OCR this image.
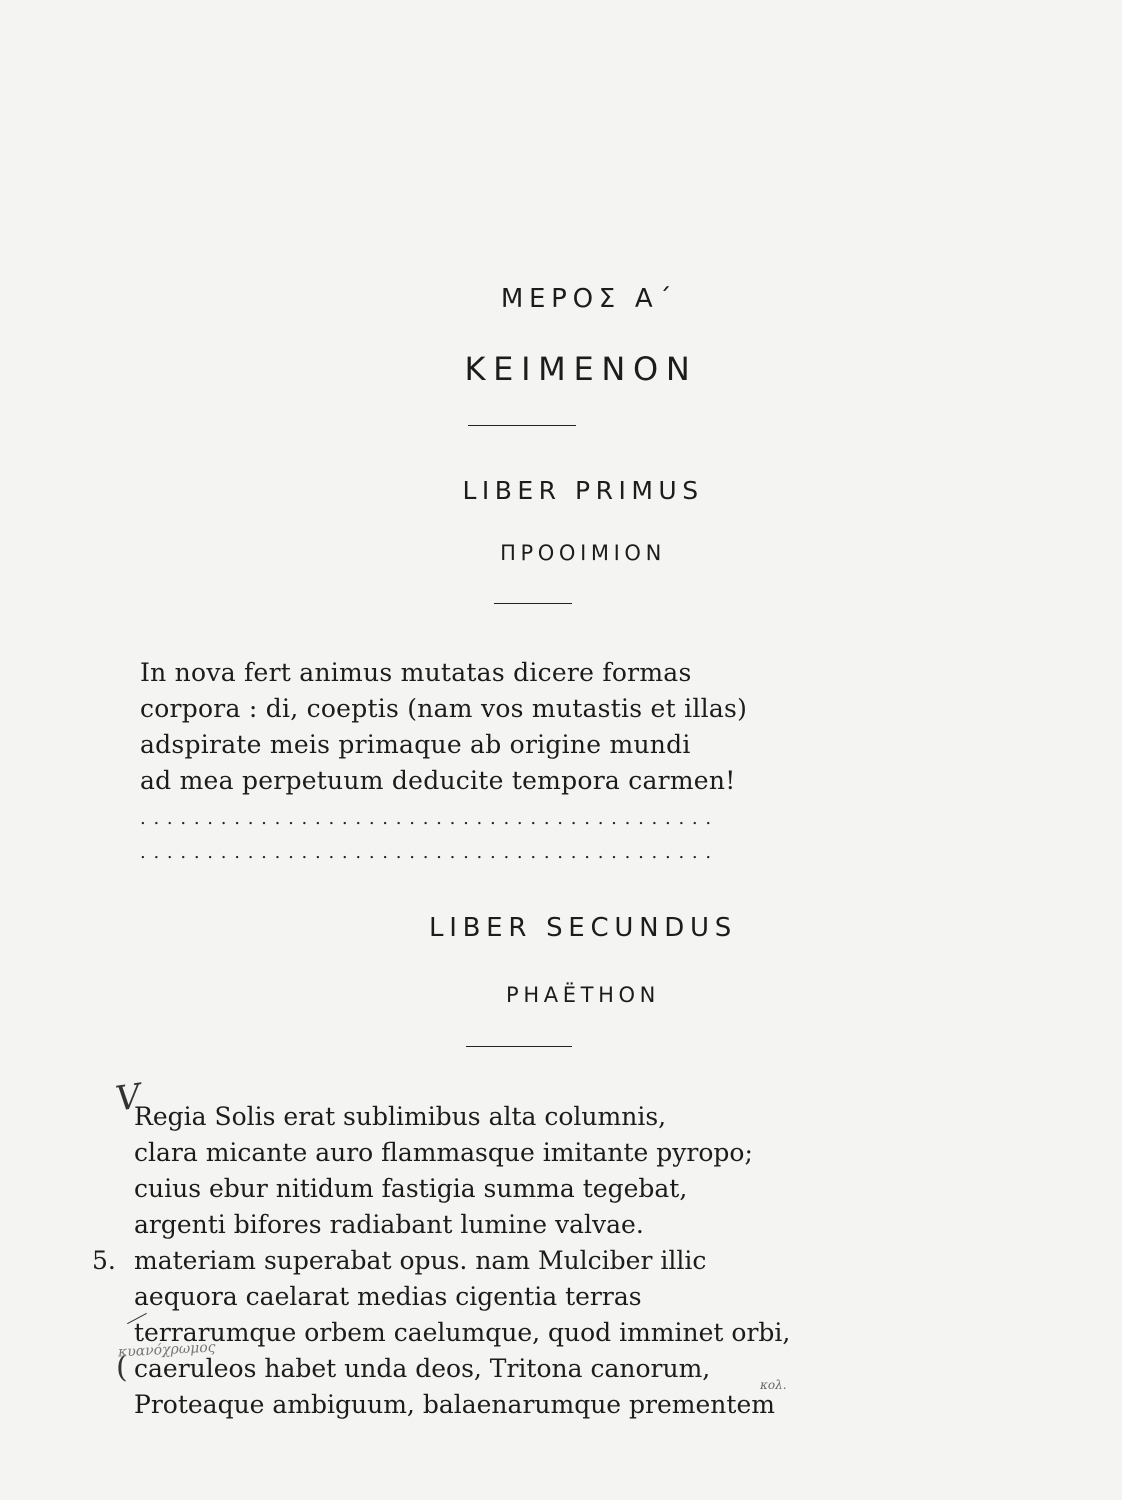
ΜΕΡΟΣ Α΄
ΚΕΙΜΕΝΟΝ
LIBER PRIMUS
ΠΡΟΟΙΜΙΟΝ
In nova fert animus mutatas dicere formas
corpora : di, coeptis (nam vos mutastis et illas)
adspirate meis primaque ab origine mundi
ad mea perpetuum deducite tempora carmen!
...........................................
...........................................
LIBER SECUNDUS
PHAËTHON
V
(
κυανόχρωμος
κολ.
Regia Solis erat sublimibus alta columnis,
clara micante auro flammasque imitante pyropo;
cuius ebur nitidum fastigia summa tegebat,
argenti bifores radiabant lumine valvae.
5. materiam superabat opus. nam Mulciber illic
aequora caelarat medias cigentia terras
terrarumque orbem caelumque, quod imminet orbi,
caeruleos habet unda deos, Tritona canorum,
Proteaque ambiguum, balaenarumque prementem
